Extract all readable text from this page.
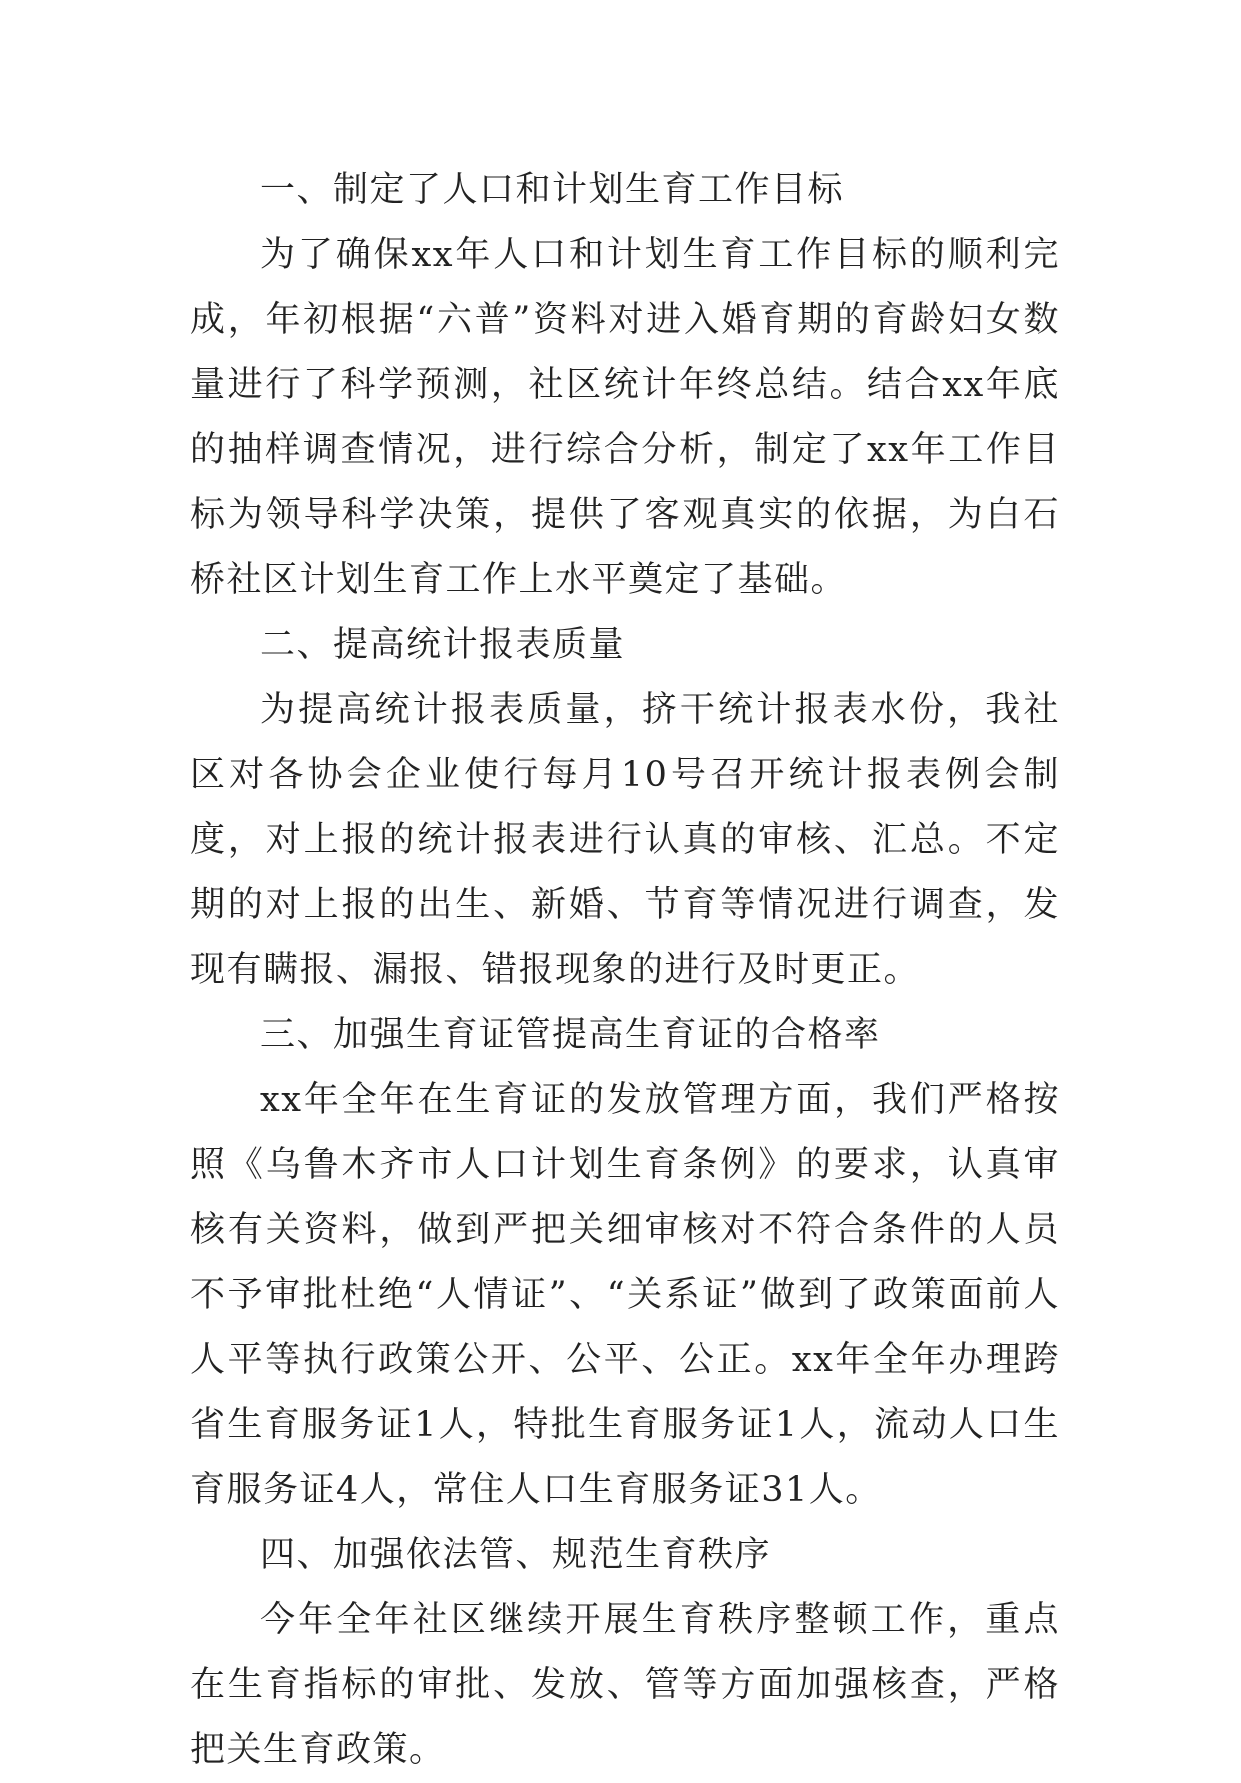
一、制定了人口和计划生育工作目标

为了确保xx年人口和计划生育工作目标的顺利完成，年初根据“六普”资料对进入婚育期的育龄妇女数量进行了科学预测，社区统计年终总结。结合xx年底的抽样调查情况，进行综合分析，制定了xx年工作目标为领导科学决策，提供了客观真实的依据，为白石桥社区计划生育工作上水平奠定了基础。

二、提高统计报表质量

为提高统计报表质量，挤干统计报表水份，我社区对各协会企业使行每月10号召开统计报表例会制度，对上报的统计报表进行认真的审核、汇总。不定期的对上报的出生、新婚、节育等情况进行调查，发现有瞒报、漏报、错报现象的进行及时更正。

三、加强生育证管提高生育证的合格率

xx年全年在生育证的发放管理方面，我们严格按照《乌鲁木齐市人口计划生育条例》的要求，认真审核有关资料，做到严把关细审核对不符合条件的人员不予审批杜绝“人情证”、“关系证”做到了政策面前人人平等执行政策公开、公平、公正。xx年全年办理跨省生育服务证1人，特批生育服务证1人，流动人口生育服务证4人，常住人口生育服务证31人。

四、加强依法管、规范生育秩序

今年全年社区继续开展生育秩序整顿工作，重点在生育指标的审批、发放、管等方面加强核查，严格把关生育政策。
